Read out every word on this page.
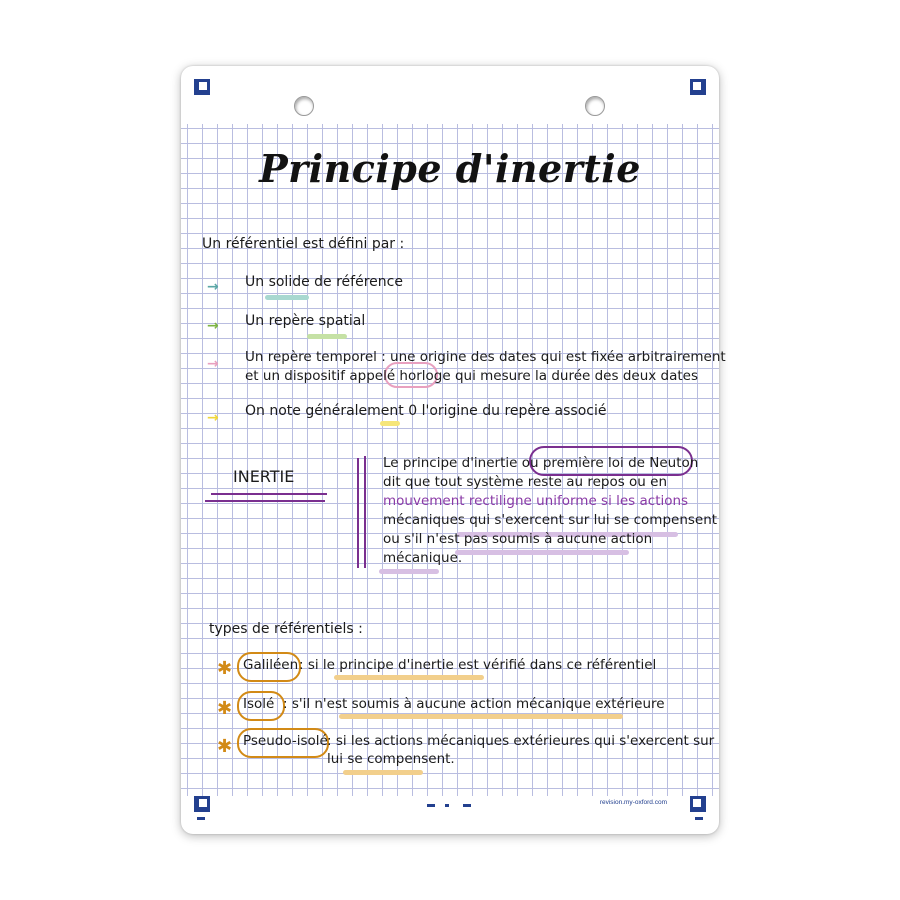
Principe d'inertie
Un référentiel est défini par :
→ Un solide de référence
→ Un repère spatial
→ Un repère temporel : une origine des dates qui est fixée arbitrairement
et un dispositif appelé horloge qui mesure la durée des deux dates
→ On note généralement 0 l'origine du repère associé
INERTIE
Le principe d'inertie ou première loi de Neuton
dit que tout système reste au repos ou en
mouvement rectiligne uniforme si les actions
mécaniques qui s'exercent sur lui se compensent
ou s'il n'est pas soumis à aucune action
mécanique.
types de référentiels :
✱ Galiléen : si le principe d'inertie est vérifié dans ce référentiel
✱ Isolé : s'il n'est soumis à aucune action mécanique extérieure
✱ Pseudo-isolé : si les actions mécaniques extérieures qui s'exercent sur
lui se compensent.
revision.my-oxford.com
